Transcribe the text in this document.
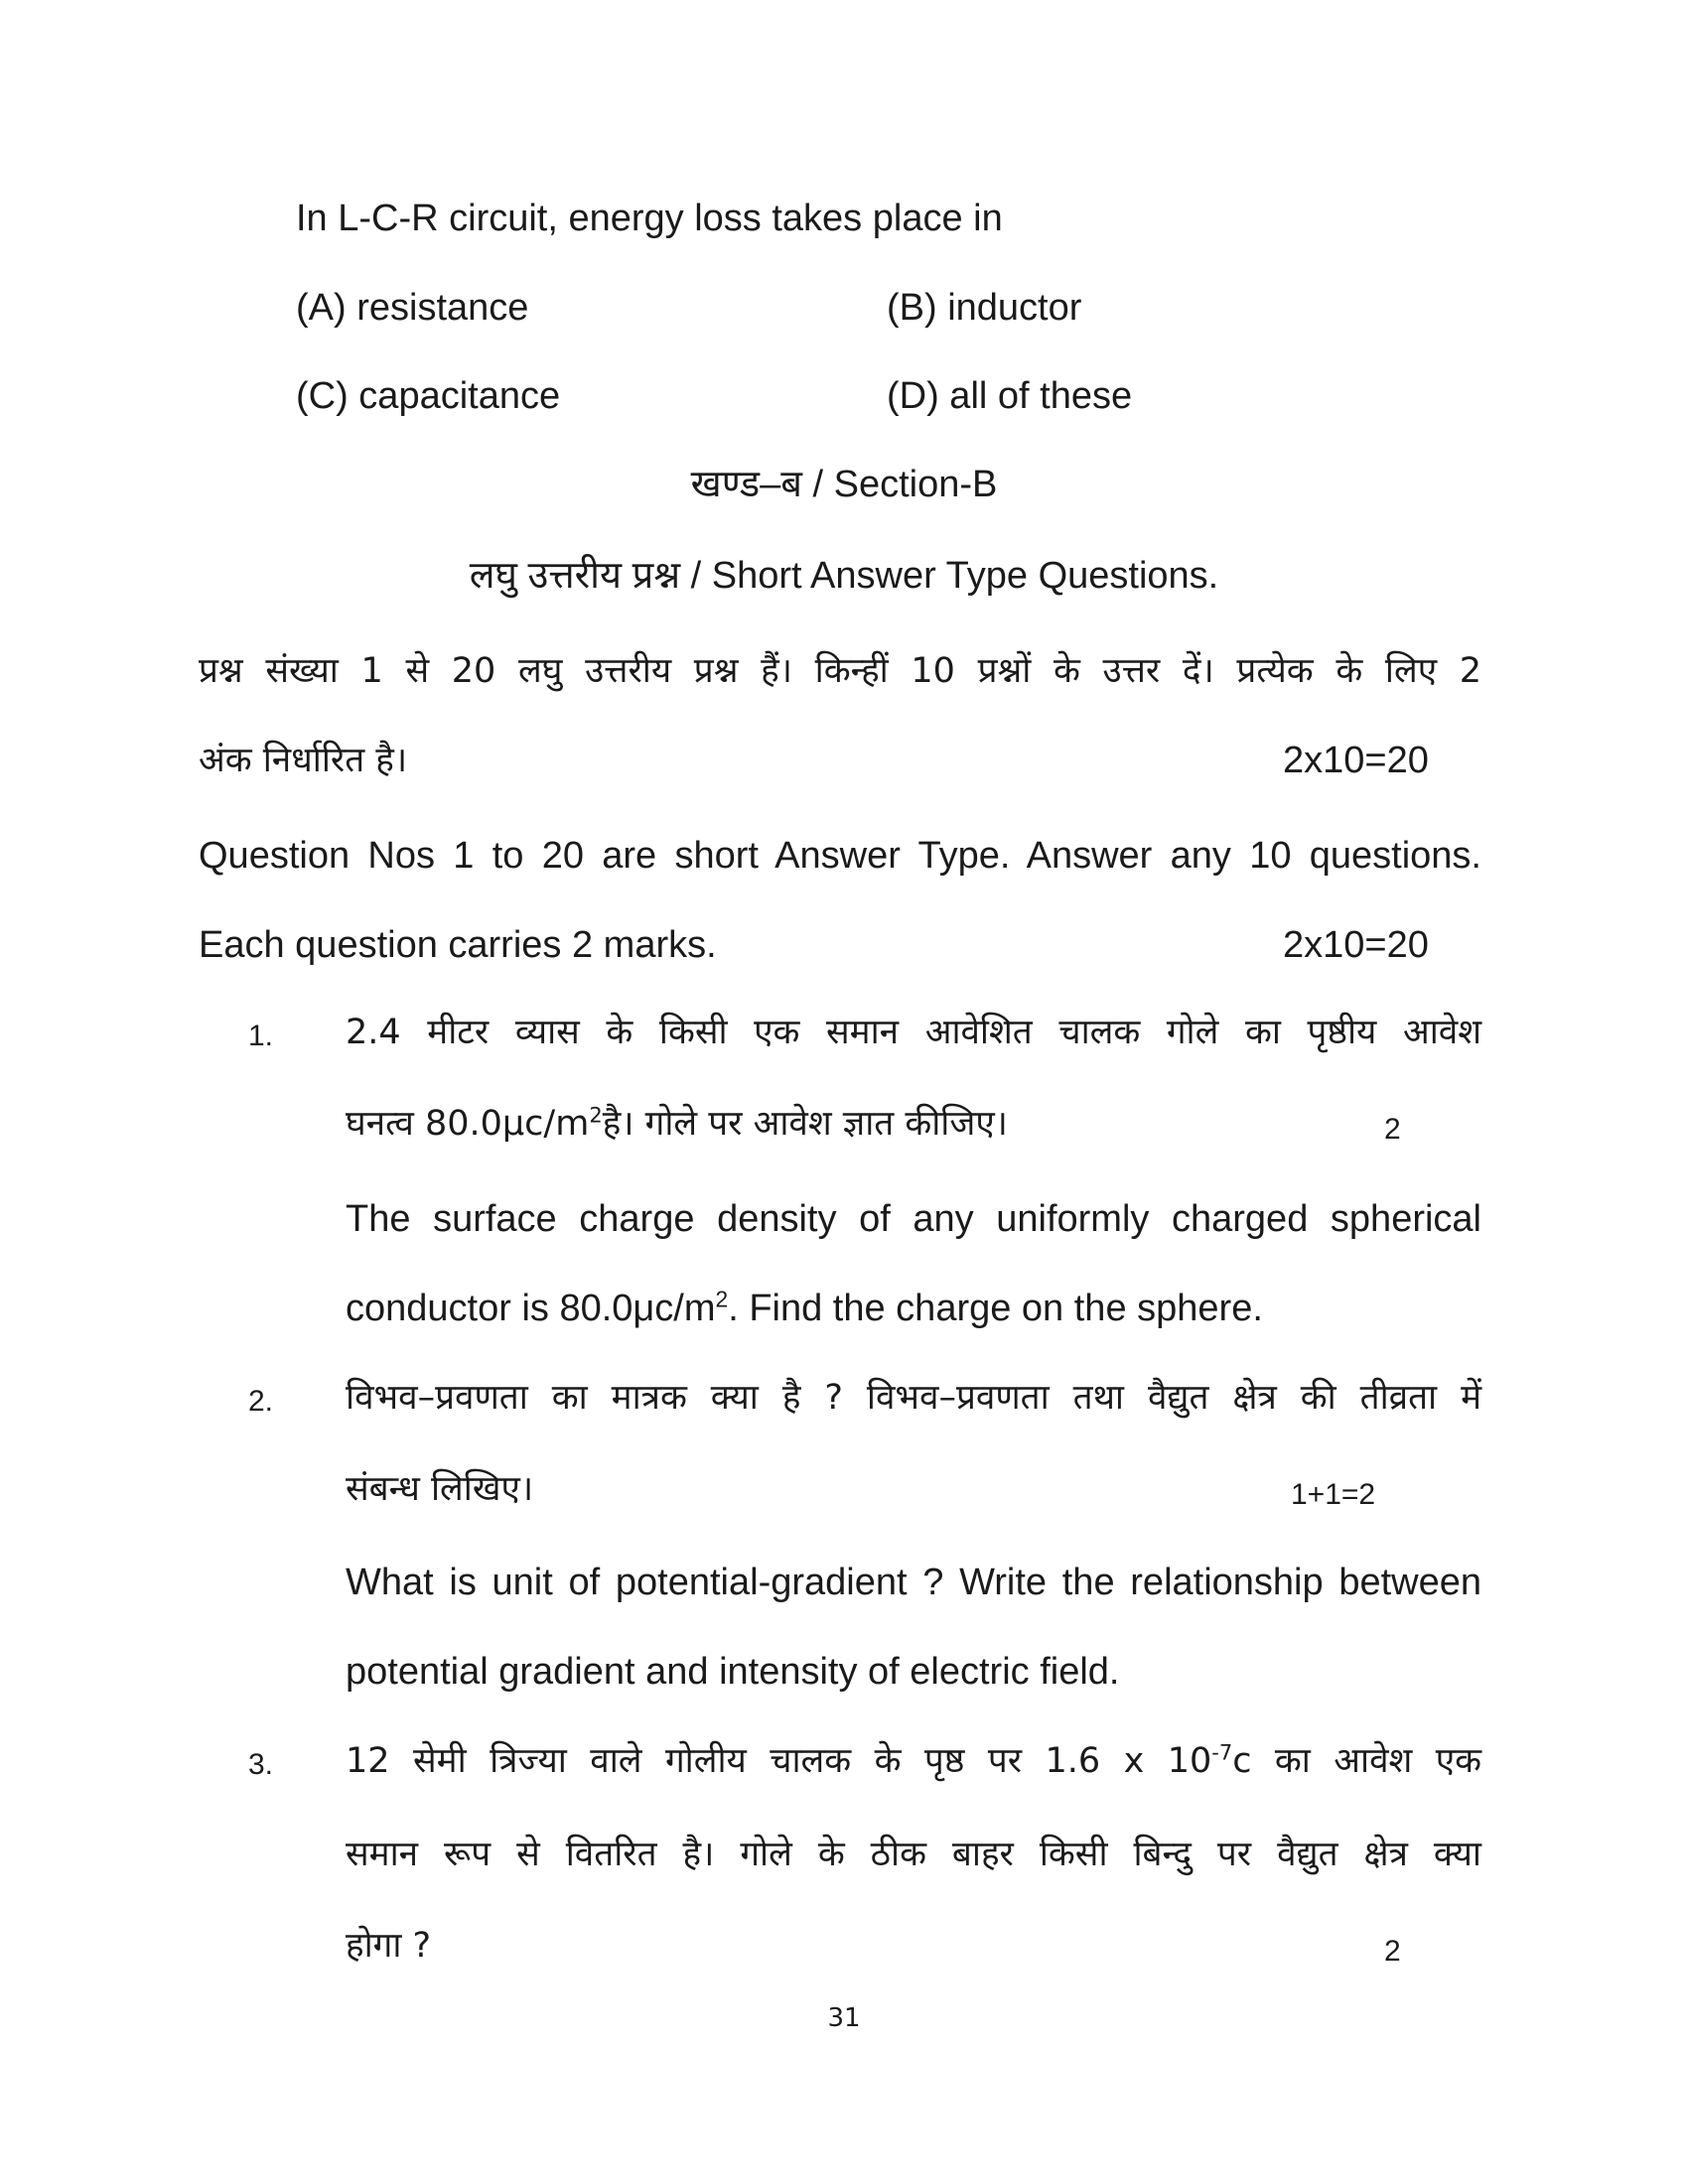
In L-C-R circuit, energy loss takes place in
(A) resistance	(B) inductor
(C) capacitance	(D) all of these
खण्ड–ब / Section-B
लघु उत्तरीय प्रश्न / Short Answer Type Questions.
प्रश्न संख्या 1 से 20 लघु उत्तरीय प्रश्न हैं। किन्हीं 10 प्रश्नों के उत्तर दें। प्रत्येक के लिए 2
अंक निर्धारित है।	2x10=20
Question Nos 1 to 20 are short Answer Type. Answer any 10 questions.
Each question carries 2 marks.	2x10=20
1. 2.4 मीटर व्यास के किसी एक समान आवेशित चालक गोले का पृष्ठीय आवेश
घनत्व $80.0\mu c/m^2है।$ गोले पर आवेश ज्ञात कीजिए।	2
The surface charge density of any uniformly charged spherical
conductor is $80.0\mu c/m^2$. Find the charge on the sphere.
2. विभव–प्रवणता का मात्रक क्या है ? विभव–प्रवणता तथा वैद्युत क्षेत्र की तीव्रता में
संबन्ध लिखिए।	1+1=2
What is unit of potential-gradient ? Write the relationship between
potential gradient and intensity of electric field.
3. 12 सेमी त्रिज्या वाले गोलीय चालक के पृष्ठ पर 1.6 x $10^{-7}c$ का आवेश एक
समान रूप से वितरित है। गोले के ठीक बाहर किसी बिन्दु पर वैद्युत क्षेत्र क्या
होगा ?	2
31
